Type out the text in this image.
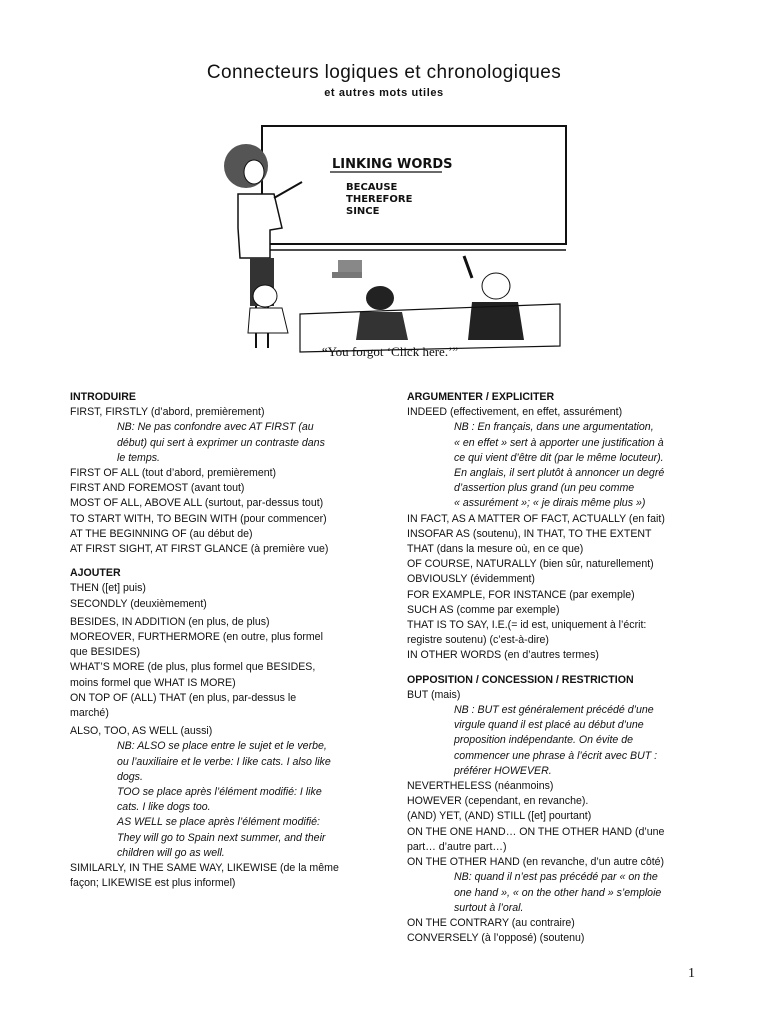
Connecteurs logiques et chronologiques
et autres mots utiles
LINKING WORDS
BECAUSE
THEREFORE
SINCE
“You forgot ‘Click here.’”
INTRODUIRE
FIRST, FIRSTLY (d’abord, premièrement)
NB: Ne pas confondre avec AT FIRST (au
début) qui sert à exprimer un contraste dans
le temps.
FIRST OF ALL (tout d’abord, premièrement)
FIRST AND FOREMOST (avant tout)
MOST OF ALL, ABOVE ALL (surtout, par-dessus tout)
TO START WITH, TO BEGIN WITH (pour commencer)
AT THE BEGINNING OF (au début de)
AT FIRST SIGHT, AT FIRST GLANCE (à première vue)
AJOUTER
THEN ([et] puis)
SECONDLY (deuxièmement)
BESIDES, IN ADDITION (en plus, de plus)
MOREOVER, FURTHERMORE (en outre, plus formel
que BESIDES)
WHAT’S MORE (de plus, plus formel que BESIDES,
moins formel que WHAT IS MORE)
ON TOP OF (ALL) THAT (en plus, par-dessus le
marché)
ALSO, TOO, AS WELL (aussi)
NB: ALSO se place entre le sujet et le verbe,
ou l’auxiliaire et le verbe: I like cats. I also like
dogs.
TOO se place après l’élément modifié: I like
cats. I like dogs too.
AS WELL se place après l’élément modifié:
They will go to Spain next summer, and their
children will go as well.
SIMILARLY, IN THE SAME WAY, LIKEWISE (de la même
façon; LIKEWISE est plus informel)
ARGUMENTER / EXPLICITER
INDEED (effectivement, en effet, assurément)
NB : En français, dans une argumentation,
« en effet » sert à apporter une justification à
ce qui vient d’être dit (par le même locuteur).
En anglais, il sert plutôt à annoncer un degré
d’assertion plus grand (un peu comme
« assurément »; « je dirais même plus »)
IN FACT, AS A MATTER OF FACT, ACTUALLY (en fait)
INSOFAR AS (soutenu), IN THAT, TO THE EXTENT
THAT (dans la mesure où, en ce que)
OF COURSE, NATURALLY (bien sûr, naturellement)
OBVIOUSLY (évidemment)
FOR EXAMPLE, FOR INSTANCE (par exemple)
SUCH AS (comme par exemple)
THAT IS TO SAY, I.E.(= id est, uniquement à l’écrit:
registre soutenu) (c’est-à-dire)
IN OTHER WORDS (en d’autres termes)
OPPOSITION / CONCESSION / RESTRICTION
BUT (mais)
NB : BUT est généralement précédé d’une
virgule quand il est placé au début d’une
proposition indépendante. On évite de
commencer une phrase à l’écrit avec BUT :
préférer HOWEVER.
NEVERTHELESS (néanmoins)
HOWEVER (cependant, en revanche).
(AND) YET, (AND) STILL ([et] pourtant)
ON THE ONE HAND… ON THE OTHER HAND (d’une
part… d’autre part…)
ON THE OTHER HAND (en revanche, d’un autre côté)
NB: quand il n’est pas précédé par « on the
one hand », « on the other hand » s’emploie
surtout à l’oral.
ON THE CONTRARY (au contraire)
CONVERSELY (à l’opposé) (soutenu)
1
